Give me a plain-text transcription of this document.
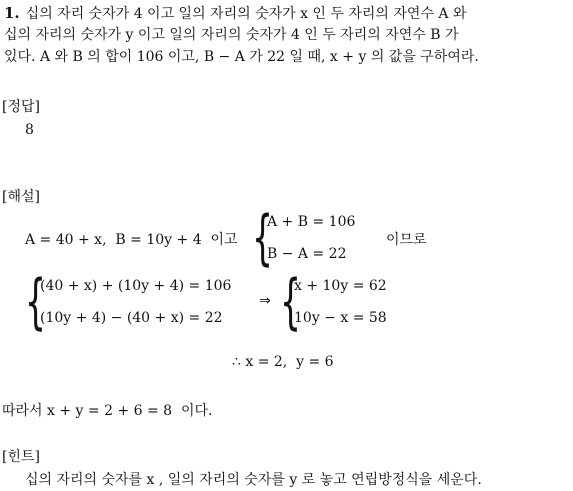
1. 십의 자리 숫자가 4 이고 일의 자리의 숫자가 x 인 두 자리의 자연수 A 와
십의 자리의 숫자가 y 이고 일의 자리의 숫자가 4 인 두 자리의 자연수 B 가
있다. A 와 B 의 합이 106 이고, B − A 가 22 일 때, x + y 의 값을 구하여라.
[정답]
8
[해설]
A = 40 + x,  B = 10y + 4  이고 {
A + B = 106
B − A = 22
이므로
{
(40 + x) + (10y + 4) = 106
(10y + 4) − (40 + x) = 22
⇒ {
x + 10y = 62
10y − x = 58
∴ x = 2,  y = 6
따라서 x + y = 2 + 6 = 8  이다.
[힌트]
십의 자리의 숫자를 x , 일의 자리의 숫자를 y 로 놓고 연립방정식을 세운다.
